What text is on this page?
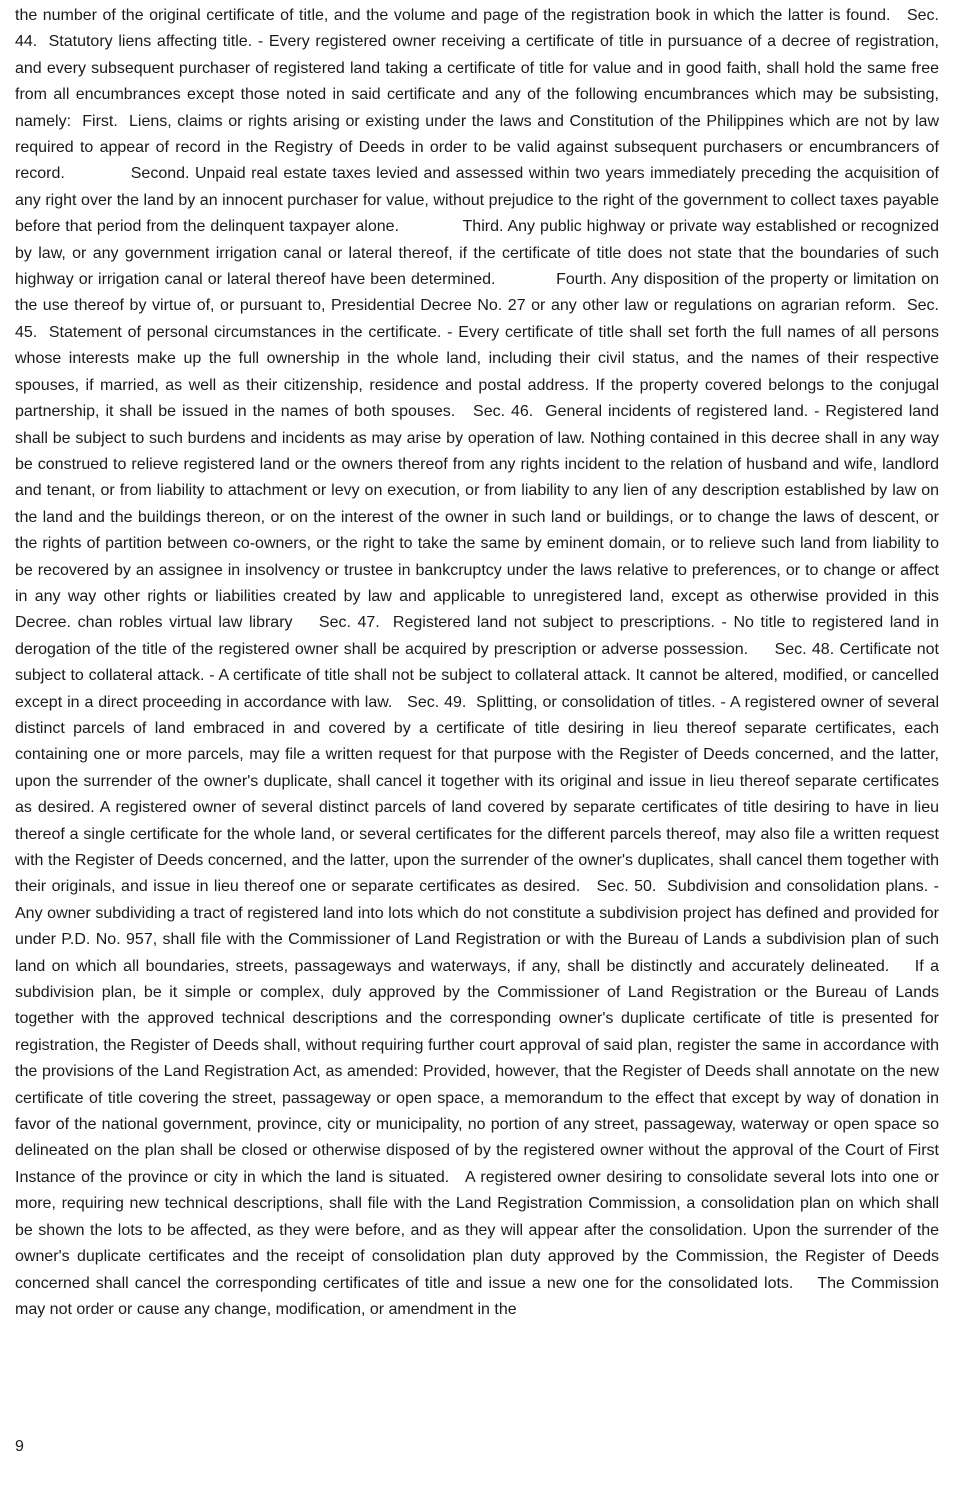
the number of the original certificate of title, and the volume and page of the registration book in which the latter is found.   Sec. 44.  Statutory liens affecting title. - Every registered owner receiving a certificate of title in pursuance of a decree of registration, and every subsequent purchaser of registered land taking a certificate of title for value and in good faith, shall hold the same free from all encumbrances except those noted in said certificate and any of the following encumbrances which may be subsisting, namely:  First.  Liens, claims or rights arising or existing under the laws and Constitution of the Philippines which are not by law required to appear of record in the Registry of Deeds in order to be valid against subsequent purchasers or encumbrancers of record.            Second. Unpaid real estate taxes levied and assessed within two years immediately preceding the acquisition of any right over the land by an innocent purchaser for value, without prejudice to the right of the government to collect taxes payable before that period from the delinquent taxpayer alone.             Third. Any public highway or private way established or recognized by law, or any government irrigation canal or lateral thereof, if the certificate of title does not state that the boundaries of such highway or irrigation canal or lateral thereof have been determined.            Fourth. Any disposition of the property or limitation on the use thereof by virtue of, or pursuant to, Presidential Decree No. 27 or any other law or regulations on agrarian reform.  Sec. 45.  Statement of personal circumstances in the certificate. - Every certificate of title shall set forth the full names of all persons whose interests make up the full ownership in the whole land, including their civil status, and the names of their respective spouses, if married, as well as their citizenship, residence and postal address. If the property covered belongs to the conjugal partnership, it shall be issued in the names of both spouses.   Sec. 46.  General incidents of registered land. - Registered land shall be subject to such burdens and incidents as may arise by operation of law. Nothing contained in this decree shall in any way be construed to relieve registered land or the owners thereof from any rights incident to the relation of husband and wife, landlord and tenant, or from liability to attachment or levy on execution, or from liability to any lien of any description established by law on the land and the buildings thereon, or on the interest of the owner in such land or buildings, or to change the laws of descent, or the rights of partition between co-owners, or the right to take the same by eminent domain, or to relieve such land from liability to be recovered by an assignee in insolvency or trustee in bankcruptcy under the laws relative to preferences, or to change or affect in any way other rights or liabilities created by law and applicable to unregistered land, except as otherwise provided in this Decree. chan robles virtual law library    Sec. 47.  Registered land not subject to prescriptions. - No title to registered land in derogation of the title of the registered owner shall be acquired by prescription or adverse possession.     Sec. 48. Certificate not subject to collateral attack. - A certificate of title shall not be subject to collateral attack. It cannot be altered, modified, or cancelled except in a direct proceeding in accordance with law.   Sec. 49.  Splitting, or consolidation of titles. - A registered owner of several distinct parcels of land embraced in and covered by a certificate of title desiring in lieu thereof separate certificates, each containing one or more parcels, may file a written request for that purpose with the Register of Deeds concerned, and the latter, upon the surrender of the owner's duplicate, shall cancel it together with its original and issue in lieu thereof separate certificates as desired. A registered owner of several distinct parcels of land covered by separate certificates of title desiring to have in lieu thereof a single certificate for the whole land, or several certificates for the different parcels thereof, may also file a written request with the Register of Deeds concerned, and the latter, upon the surrender of the owner's duplicates, shall cancel them together with their originals, and issue in lieu thereof one or separate certificates as desired.   Sec. 50.  Subdivision and consolidation plans. - Any owner subdividing a tract of registered land into lots which do not constitute a subdivision project has defined and provided for under P.D. No. 957, shall file with the Commissioner of Land Registration or with the Bureau of Lands a subdivision plan of such land on which all boundaries, streets, passageways and waterways, if any, shall be distinctly and accurately delineated.    If a subdivision plan, be it simple or complex, duly approved by the Commissioner of Land Registration or the Bureau of Lands together with the approved technical descriptions and the corresponding owner's duplicate certificate of title is presented for registration, the Register of Deeds shall, without requiring further court approval of said plan, register the same in accordance with the provisions of the Land Registration Act, as amended: Provided, however, that the Register of Deeds shall annotate on the new certificate of title covering the street, passageway or open space, a memorandum to the effect that except by way of donation in favor of the national government, province, city or municipality, no portion of any street, passageway, waterway or open space so delineated on the plan shall be closed or otherwise disposed of by the registered owner without the approval of the Court of First Instance of the province or city in which the land is situated.   A registered owner desiring to consolidate several lots into one or more, requiring new technical descriptions, shall file with the Land Registration Commission, a consolidation plan on which shall be shown the lots to be affected, as they were before, and as they will appear after the consolidation. Upon the surrender of the owner's duplicate certificates and the receipt of consolidation plan duty approved by the Commission, the Register of Deeds concerned shall cancel the corresponding certificates of title and issue a new one for the consolidated lots.    The Commission may not order or cause any change, modification, or amendment in the

9
